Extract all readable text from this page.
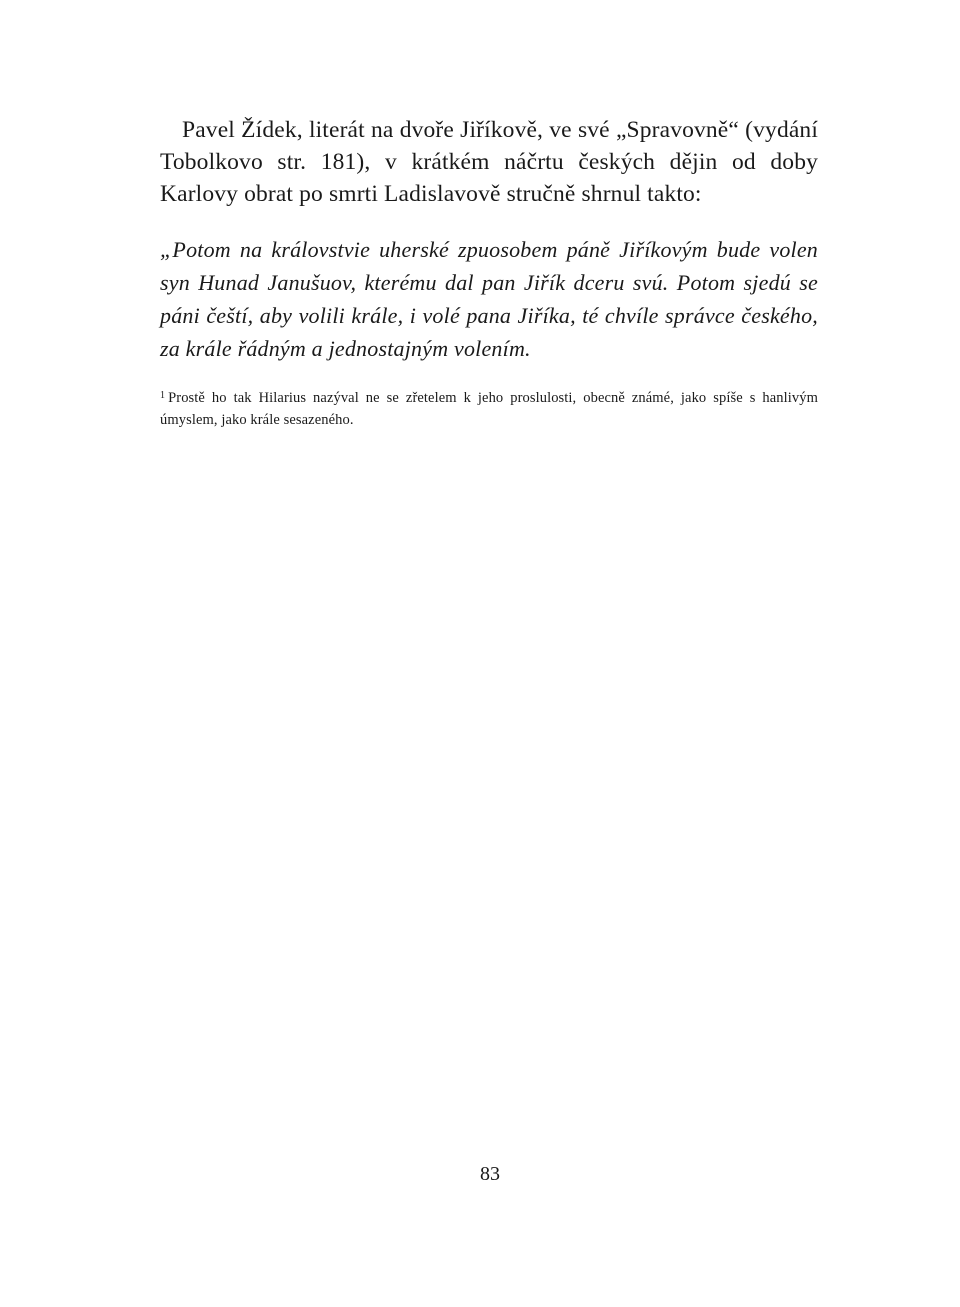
Pavel Žídek, literát na dvoře Jiříkově, ve své „Spravovně“ (vydání Tobolkovo str. 181), v krátkém náčrtu českých dějin od doby Karlovy obrat po smrti Ladislavově stručně shrnul takto:

„Potom na královstvie uherské zpuosobem páně Jiříkovým bude volen syn Hunad Janušuov, kterému dal pan Jiřík dceru svú. Potom sjedú se páni čeští, aby volili krále, i volé pana Jiříka, té chvíle správce českého, za krále řádným a jednostajným volením.

$^1$ Prostě ho tak Hilarius nazýval ne se zřetelem k jeho proslulosti, obecně známé, jako spíše s hanlivým úmyslem, jako krále sesazeného.

83
